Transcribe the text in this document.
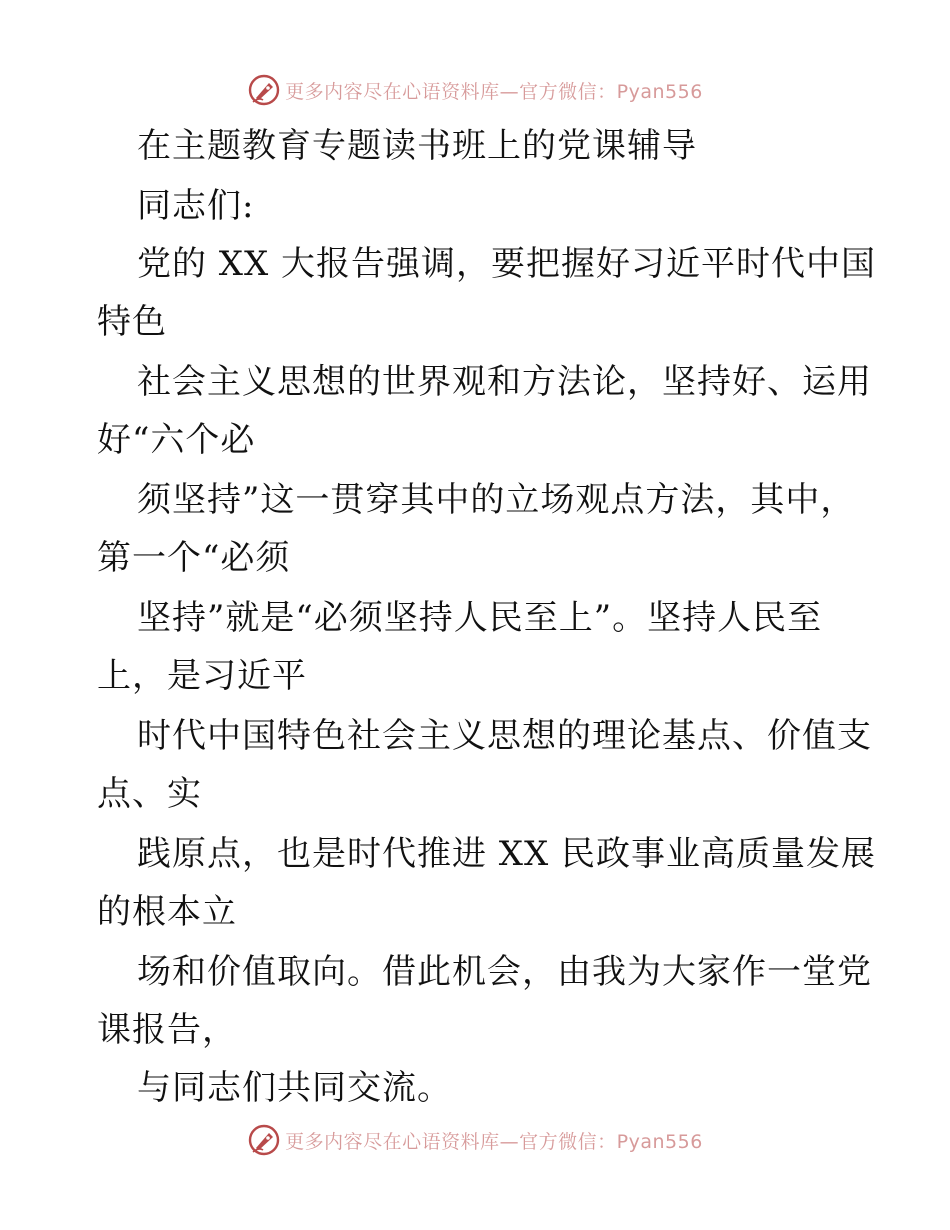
更多内容尽在心语资料库—官方微信：Pyan556
在主题教育专题读书班上的党课辅导
同志们:
党的 XX 大报告强调，要把握好习近平时代中国
特色
社会主义思想的世界观和方法论，坚持好、运用
好“六个必
须坚持”这一贯穿其中的立场观点方法，其中，
第一个“必须
坚持”就是“必须坚持人民至上”。坚持人民至
上，是习近平
时代中国特色社会主义思想的理论基点、价值支
点、实
践原点，也是时代推进 XX 民政事业高质量发展
的根本立
场和价值取向。借此机会，由我为大家作一堂党
课报告，
与同志们共同交流。
更多内容尽在心语资料库—官方微信：Pyan556
